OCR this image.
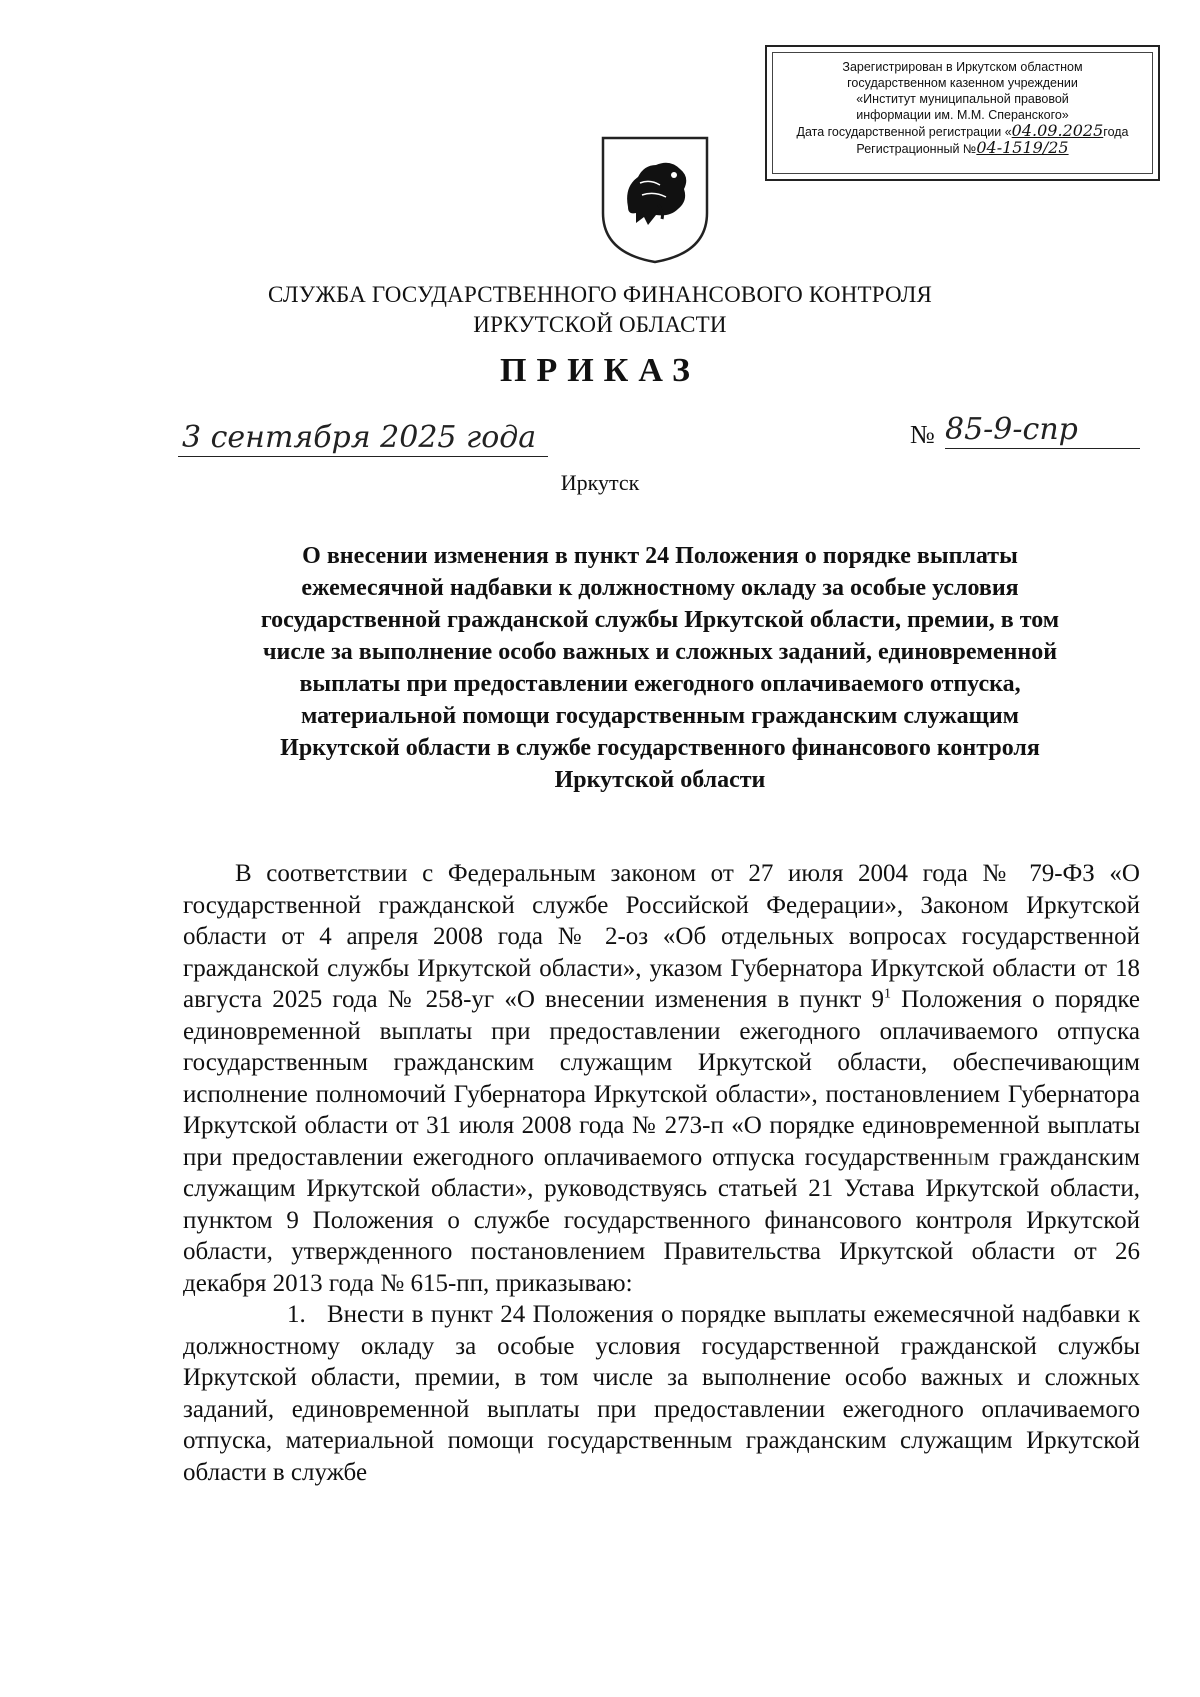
Зарегистрирован в Иркутском областном
государственном казенном учреждении
«Институт муниципальной правовой
информации им. М.М. Сперанского»
Дата государственной регистрации «04.09.2025года
Регистрационный №04-1519/25
СЛУЖБА ГОСУДАРСТВЕННОГО ФИНАНСОВОГО КОНТРОЛЯ
ИРКУТСКОЙ ОБЛАСТИ
ПРИКАЗ
3 сентября 2025 года	№ 85-9-спр
Иркутск
О внесении изменения в пункт 24 Положения о порядке выплаты
ежемесячной надбавки к должностному окладу за особые условия
государственной гражданской службы Иркутской области, премии, в том
числе за выполнение особо важных и сложных заданий, единовременной
выплаты при предоставлении ежегодного оплачиваемого отпуска,
материальной помощи государственным гражданским служащим
Иркутской области в службе государственного финансового контроля
Иркутской области

В соответствии с Федеральным законом от 27 июля 2004 года № 79-ФЗ «О государственной гражданской службе Российской Федерации», Законом Иркутской области от 4 апреля 2008 года № 2-оз «Об отдельных вопросах государственной гражданской службы Иркутской области», указом Губернатора Иркутской области от 18 августа 2025 года № 258-уг «О внесении изменения в пункт $9^1$ Положения о порядке единовременной выплаты при предоставлении ежегодного оплачиваемого отпуска государственным гражданским служащим Иркутской области, обеспечивающим исполнение полномочий Губернатора Иркутской области», постановлением Губернатора Иркутской области от 31 июля 2008 года № 273-п «О порядке единовременной выплаты при предоставлении ежегодного оплачиваемого отпуска государственным гражданским служащим Иркутской области», руководствуясь статьей 21 Устава Иркутской области, пунктом 9 Положения о службе государственного финансового контроля Иркутской области, утвержденного постановлением Правительства Иркутской области от 26 декабря 2013 года № 615-пп, приказываю:

1. Внести в пункт 24 Положения о порядке выплаты ежемесячной надбавки к должностному окладу за особые условия государственной гражданской службы Иркутской области, премии, в том числе за выполнение особо важных и сложных заданий, единовременной выплаты при предоставлении ежегодного оплачиваемого отпуска, материальной помощи государственным гражданским служащим Иркутской области в службе
